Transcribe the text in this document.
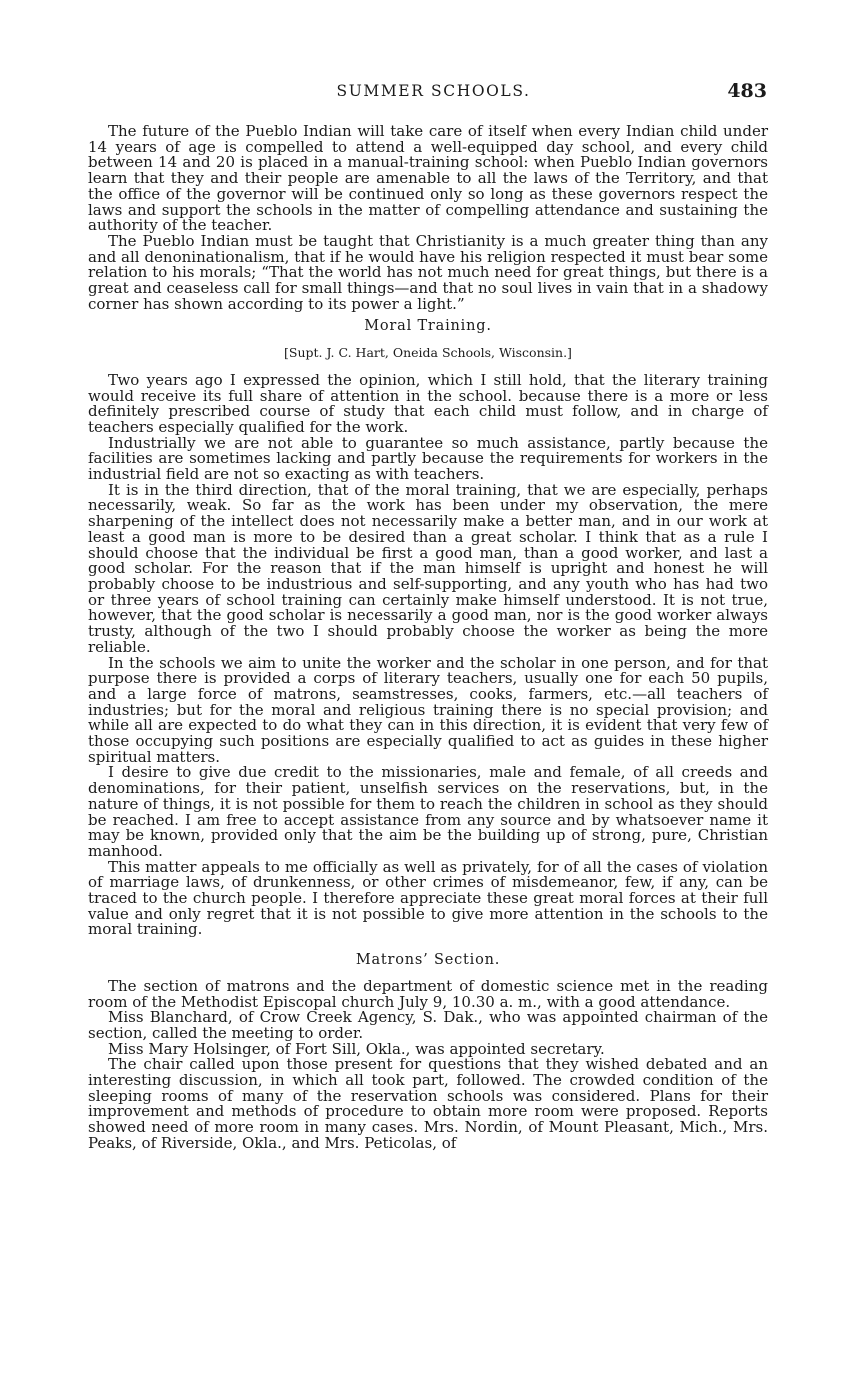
SUMMER SCHOOLS.	483

The future of the Pueblo Indian will take care of itself when every Indian child under 14 years of age is compelled to attend a well-equipped day school, and every child between 14 and 20 is placed in a manual-training school: when Pueblo Indian governors learn that they and their people are amenable to all the laws of the Territory, and that the office of the governor will be continued only so long as these governors respect the laws and support the schools in the matter of compelling attendance and sustaining the authority of the teacher.

The Pueblo Indian must be taught that Christianity is a much greater thing than any and all denoninationalism, that if he would have his religion respected it must bear some relation to his morals; “That the world has not much need for great things, but there is a great and ceaseless call for small things—and that no soul lives in vain that in a shadowy corner has shown according to its power a light.”

Moral Training.
[Supt. J. C. Hart, Oneida Schools, Wisconsin.]

Two years ago I expressed the opinion, which I still hold, that the literary training would receive its full share of attention in the school. because there is a more or less definitely prescribed course of study that each child must follow, and in charge of teachers especially qualified for the work.

Industrially we are not able to guarantee so much assistance, partly because the facilities are sometimes lacking and partly because the requirements for workers in the industrial field are not so exacting as with teachers.

It is in the third direction, that of the moral training, that we are especially, perhaps necessarily, weak. So far as the work has been under my observation, the mere sharpening of the intellect does not necessarily make a better man, and in our work at least a good man is more to be desired than a great scholar. I think that as a rule I should choose that the individual be first a good man, than a good worker, and last a good scholar. For the reason that if the man himself is upright and honest he will probably choose to be industrious and self-supporting, and any youth who has had two or three years of school training can certainly make himself understood. It is not true, however, that the good scholar is necessarily a good man, nor is the good worker always trusty, although of the two I should probably choose the worker as being the more reliable.

In the schools we aim to unite the worker and the scholar in one person, and for that purpose there is provided a corps of literary teachers, usually one for each 50 pupils, and a large force of matrons, seamstresses, cooks, farmers, etc.—all teachers of industries; but for the moral and religious training there is no special provision; and while all are expected to do what they can in this direction, it is evident that very few of those occupying such positions are especially qualified to act as guides in these higher spiritual matters.

I desire to give due credit to the missionaries, male and female, of all creeds and denominations, for their patient, unselfish services on the reservations, but, in the nature of things, it is not possible for them to reach the children in school as they should be reached. I am free to accept assistance from any source and by whatsoever name it may be known, provided only that the aim be the building up of strong, pure, Christian manhood.

This matter appeals to me officially as well as privately, for of all the cases of violation of marriage laws, of drunkenness, or other crimes of misdemeanor, few, if any, can be traced to the church people. I therefore appreciate these great moral forces at their full value and only regret that it is not possible to give more attention in the schools to the moral training.

Matrons’ Section.

The section of matrons and the department of domestic science met in the reading room of the Methodist Episcopal church July 9, 10.30 a. m., with a good attendance.

Miss Blanchard, of Crow Creek Agency, S. Dak., who was appointed chairman of the section, called the meeting to order.

Miss Mary Holsinger, of Fort Sill, Okla., was appointed secretary.

The chair called upon those present for questions that they wished debated and an interesting discussion, in which all took part, followed. The crowded condition of the sleeping rooms of many of the reservation schools was considered. Plans for their improvement and methods of procedure to obtain more room were proposed. Reports showed need of more room in many cases. Mrs. Nordin, of Mount Pleasant, Mich., Mrs. Peaks, of Riverside, Okla., and Mrs. Peticolas, of
